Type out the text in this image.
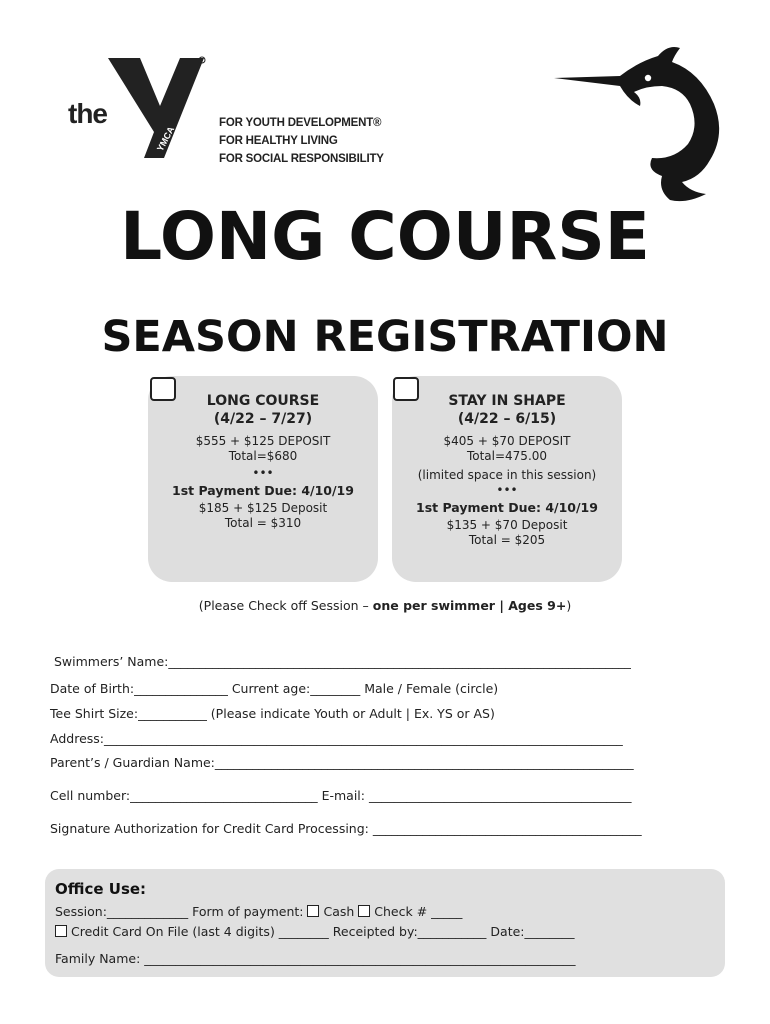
the
YMCA
FOR YOUTH DEVELOPMENT®
FOR HEALTHY LIVING
FOR SOCIAL RESPONSIBILITY
LONG COURSE
SEASON REGISTRATION
LONG COURSE
(4/22 – 7/27)
$555 + $125 DEPOSIT
Total=$680
•••
1st Payment Due: 4/10/19
$185 + $125 Deposit
Total = $310
STAY IN SHAPE
(4/22 – 6/15)
$405 + $70 DEPOSIT
Total=475.00
(limited space in this session)
•••
1st Payment Due: 4/10/19
$135 + $70 Deposit
Total = $205
(Please Check off Session – one per swimmer | Ages 9+)
Swimmers’ Name:__________________________________________________________________________
Date of Birth:_______________ Current age:________ Male / Female (circle)
Tee Shirt Size:___________ (Please indicate Youth or Adult | Ex. YS or AS)
Address:___________________________________________________________________________________
Parent’s / Guardian Name:___________________________________________________________________
Cell number:______________________________ E-mail: __________________________________________
Signature Authorization for Credit Card Processing: ___________________________________________
Office Use:
Session:_____________ Form of payment:  Cash Check # _____
Credit Card On File (last 4 digits) ________ Receipted by:___________ Date:________
Family Name: _____________________________________________________________________
